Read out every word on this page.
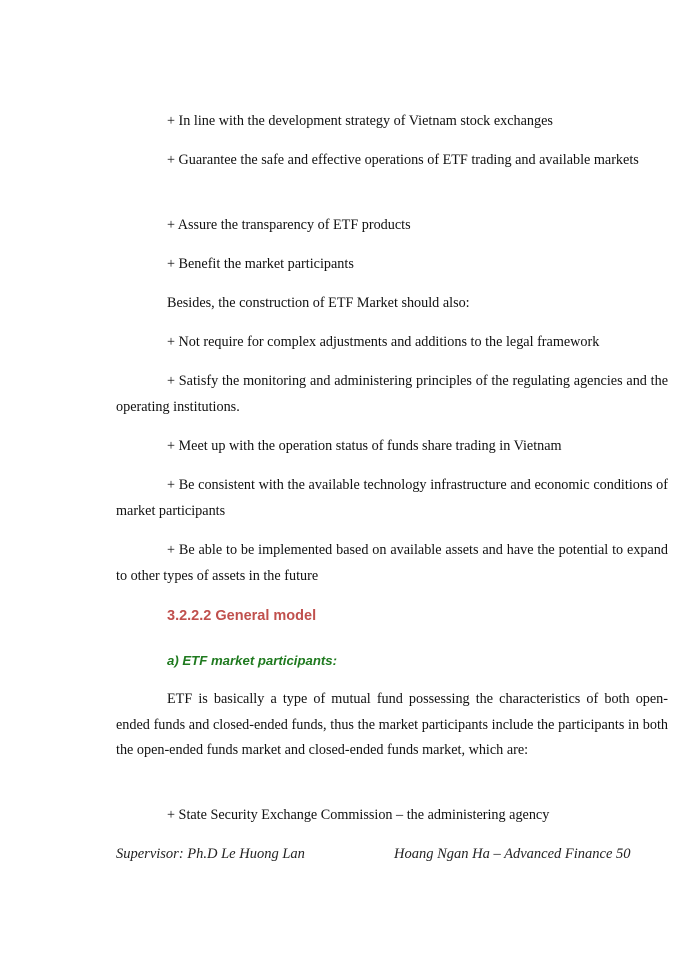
+ In line with the development strategy of Vietnam stock exchanges

+ Guarantee the safe and effective operations of ETF trading and available markets

+ Assure the transparency of ETF products

+ Benefit the market participants

Besides, the construction of ETF Market should also:

+ Not require for complex adjustments and additions to the legal framework

+ Satisfy the monitoring and administering principles of the regulating agencies and the operating institutions.

+ Meet up with the operation status of funds share trading in Vietnam

+ Be consistent with the available technology infrastructure and economic conditions of market participants

+ Be able to be implemented based on available assets and have the potential to expand to other types of assets in the future

3.2.2.2 General model

a) ETF market participants:

ETF is basically a type of mutual fund possessing the characteristics of both open-ended funds and closed-ended funds, thus the market participants include the participants in both the open-ended funds market and closed-ended funds market, which are:

+ State Security Exchange Commission – the administering agency

Supervisor: Ph.D Le Huong Lan	Hoang Ngan Ha – Advanced Finance 50
